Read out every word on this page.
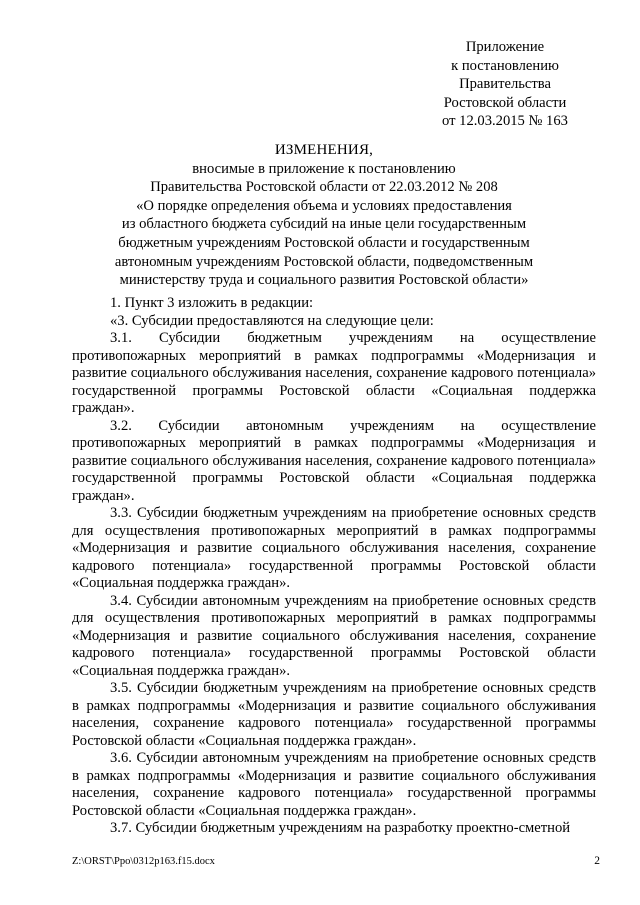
Приложение
к постановлению
Правительства
Ростовской области
от 12.03.2015 № 163
ИЗМЕНЕНИЯ,
вносимые в приложение к постановлению
Правительства Ростовской области от 22.03.2012 № 208
«О порядке определения объема и условиях предоставления
из областного бюджета субсидий на иные цели государственным
бюджетным учреждениям Ростовской области и государственным
автономным учреждениям Ростовской области, подведомственным
министерству труда и социального развития Ростовской области»

1. Пункт 3 изложить в редакции:

«3. Субсидии предоставляются на следующие цели:

3.1. Субсидии бюджетным учреждениям на осуществление противопожарных мероприятий в рамках подпрограммы «Модернизация и развитие социального обслуживания населения, сохранение кадрового потенциала» государственной программы Ростовской области «Социальная поддержка граждан».

3.2. Субсидии автономным учреждениям на осуществление противопожарных мероприятий в рамках подпрограммы «Модернизация и развитие социального обслуживания населения, сохранение кадрового потенциала» государственной программы Ростовской области «Социальная поддержка граждан».

3.3. Субсидии бюджетным учреждениям на приобретение основных средств для осуществления противопожарных мероприятий в рамках подпрограммы «Модернизация и развитие социального обслуживания населения, сохранение кадрового потенциала» государственной программы Ростовской области «Социальная поддержка граждан».

3.4. Субсидии автономным учреждениям на приобретение основных средств для осуществления противопожарных мероприятий в рамках подпрограммы «Модернизация и развитие социального обслуживания населения, сохранение кадрового потенциала» государственной программы Ростовской области «Социальная поддержка граждан».

3.5. Субсидии бюджетным учреждениям на приобретение основных средств в рамках подпрограммы «Модернизация и развитие социального обслуживания населения, сохранение кадрового потенциала» государственной программы Ростовской области «Социальная поддержка граждан».

3.6. Субсидии автономным учреждениям на приобретение основных средств в рамках подпрограммы «Модернизация и развитие социального обслуживания населения, сохранение кадрового потенциала» государственной программы Ростовской области «Социальная поддержка граждан».

3.7. Субсидии бюджетным учреждениям на разработку проектно-сметной

Z:\ORST\Ppo\0312p163.f15.docx	2
